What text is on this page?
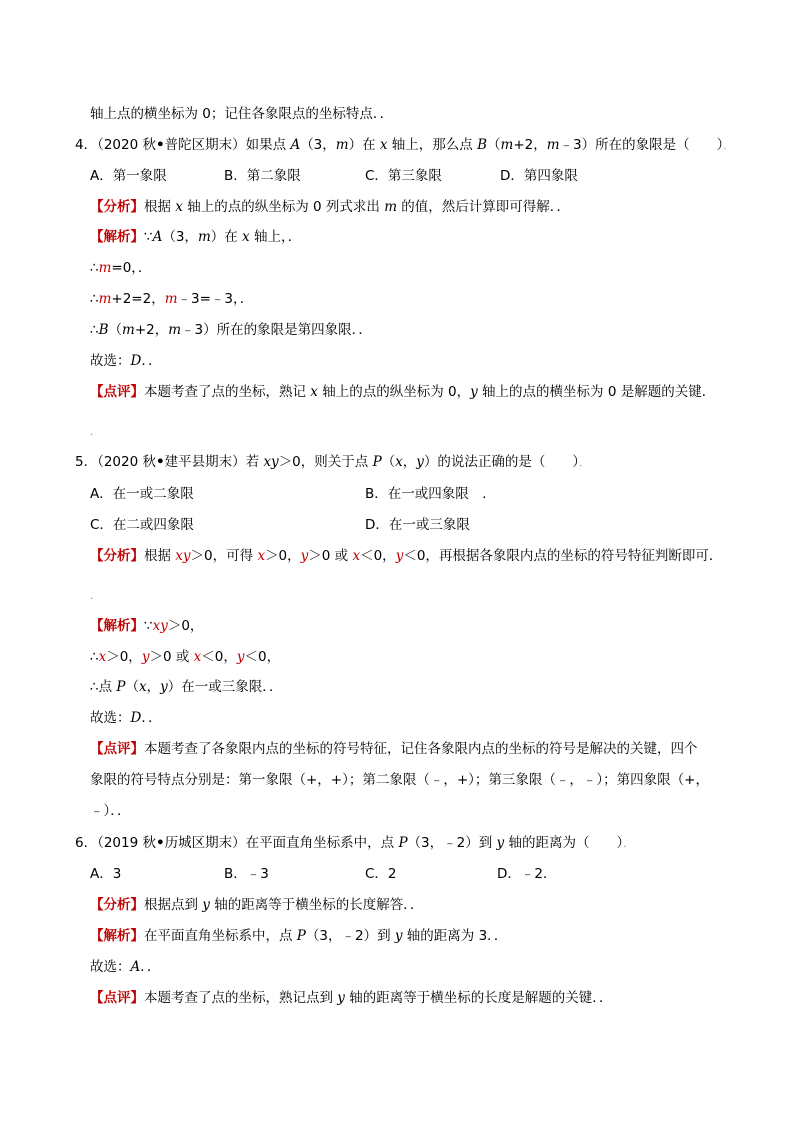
轴上点的横坐标为 0；记住各象限点的坐标特点．．
4．（2020 秋•普陀区期末）如果点 A（3，m）在 x 轴上，那么点 B（m+2，m﹣3）所在的象限是（　　）．
【分析】根据 x 轴上的点的纵坐标为 0 列式求出 m 的值，然后计算即可得解．．
【解析】∵A（3，m）在 x 轴上，．
∴m=0，．
∴m+2=2，m﹣3=﹣3，．
∴B（m+2，m﹣3）所在的象限是第四象限．．
故选：D．．
【点评】本题考查了点的坐标，熟记 x 轴上的点的纵坐标为 0，y 轴上的点的横坐标为 0 是解题的关键．
．
5．（2020 秋•建平县期末）若 xy＞0，则关于点 P（x，y）的说法正确的是（　　）．
【分析】根据 xy＞0，可得 x＞0，y＞0 或 x＜0，y＜0，再根据各象限内点的坐标的符号特征判断即可．
．
【解析】∵xy＞0，
∴x＞0，y＞0 或 x＜0，y＜0，
∴点 P（x，y）在一或三象限．．
故选：D．．
【点评】本题考查了各象限内点的坐标的符号特征，记住各象限内点的坐标的符号是解决的关键，四个
象限的符号特点分别是：第一象限（+，+）；第二象限（﹣，+）；第三象限（﹣，﹣）；第四象限（+，
﹣）．．
6．（2019 秋•历城区期末）在平面直角坐标系中，点 P（3，﹣2）到 y 轴的距离为（　　）．
【分析】根据点到 y 轴的距离等于横坐标的长度解答．．
【解析】在平面直角坐标系中，点 P（3，﹣2）到 y 轴的距离为 3．．
故选：A．．
【点评】本题考查了点的坐标，熟记点到 y 轴的距离等于横坐标的长度是解题的关键．．
A．第一象限	B．第二象限	C．第三象限	D．第四象限
A．在一或二象限	B．在一或四象限　．
C．在二或四象限	D．在一或三象限
A．3	B．﹣3	C．2	D．﹣2．
